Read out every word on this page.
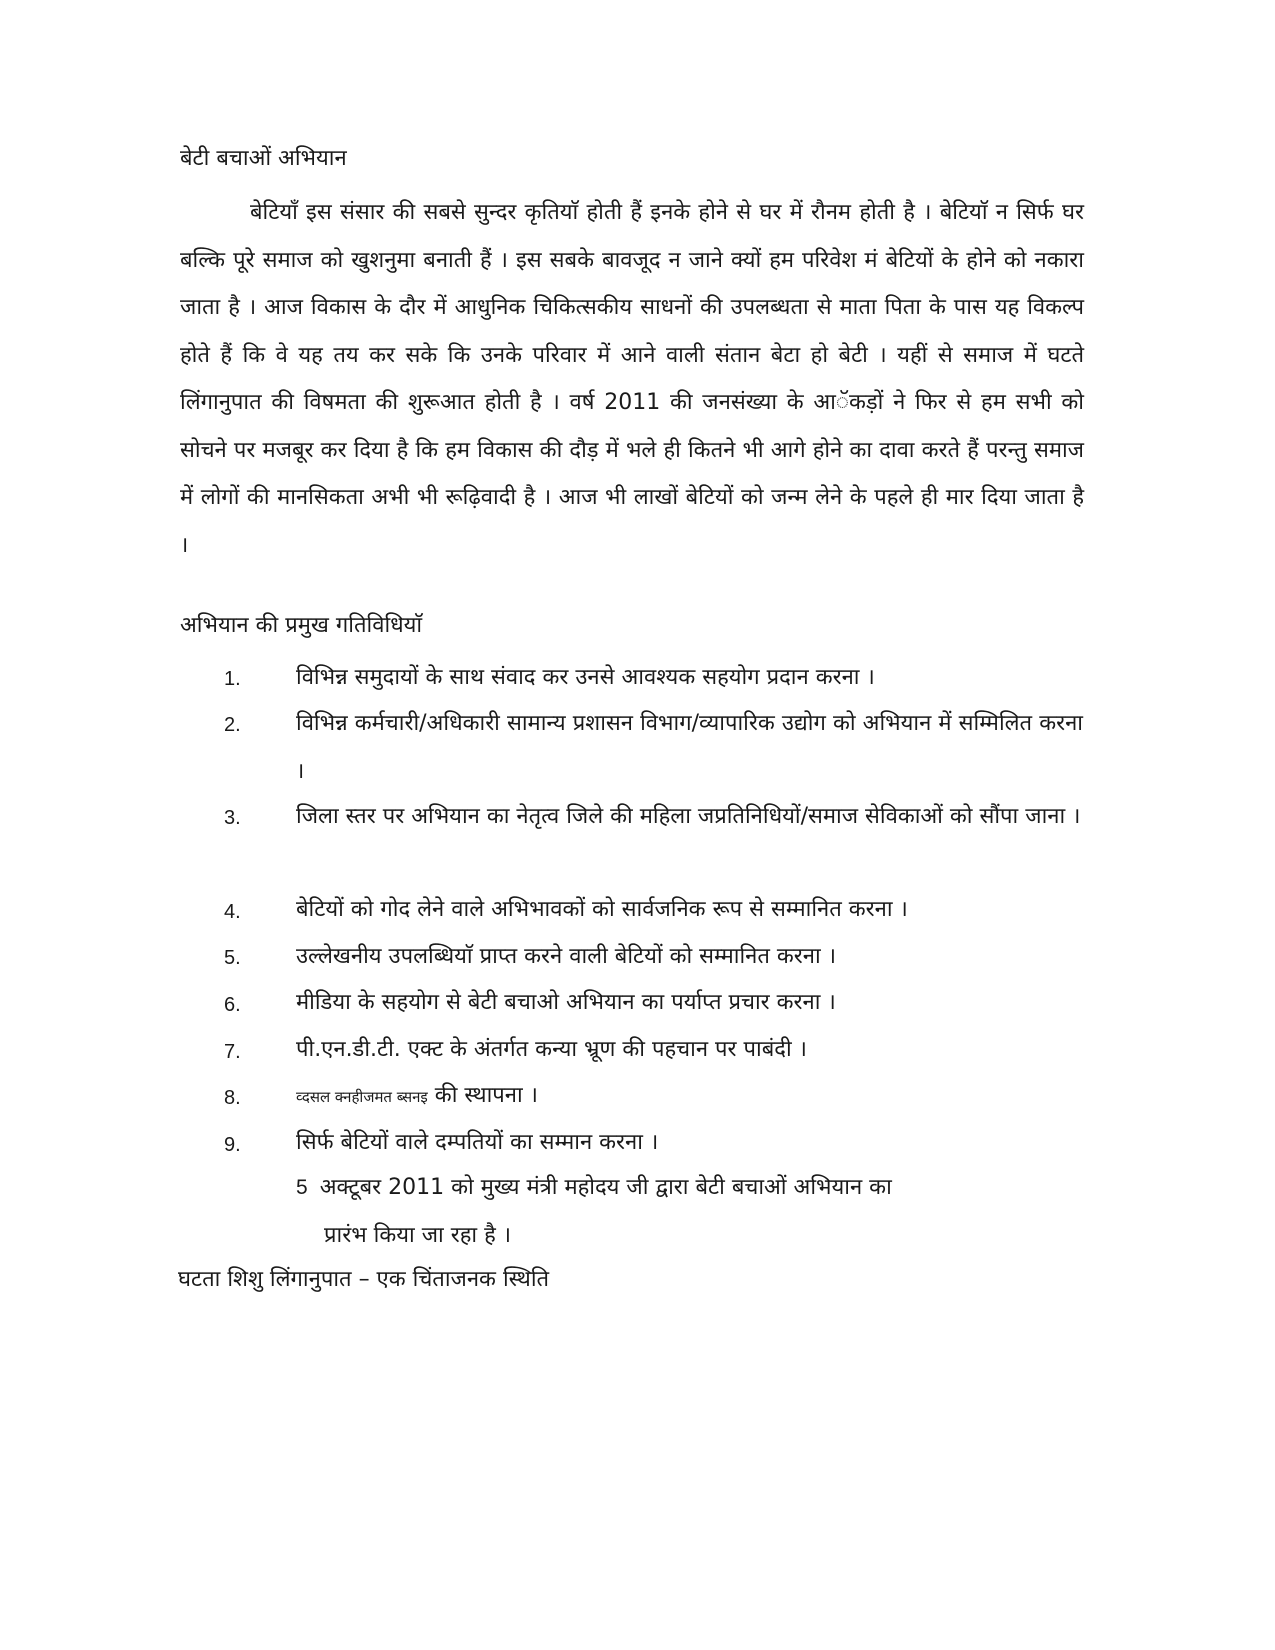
बेटी बचाओं अभियान
बेटियाँ इस संसार की सबसे सुन्दर कृतियाॅ होती हैं इनके होने से घर में रौनम होती है । बेटियाॅ न सिर्फ घर बल्कि पूरे समाज को खुशनुमा बनाती हैं । इस सबके बावजूद न जाने क्यों हम परिवेश मं बेटियों के होने को नकारा जाता है । आज विकास के दौर में आधुनिक चिकित्सकीय साधनों की उपलब्धता से माता पिता के पास यह विकल्प होते हैं कि वे यह तय कर सके कि उनके परिवार में आने वाली संतान बेटा हो बेटी । यहीं से समाज में घटते लिंगानुपात की विषमता की शुरूआत होती है । वर्ष 2011 की जनसंख्या के आॅकड़ों ने फिर से हम सभी को सोचने पर मजबूर कर दिया है कि हम विकास की दौड़ में भले ही कितने भी आगे होने का दावा करते हैं परन्तु समाज में लोगों की मानसिकता अभी भी रूढ़िवादी है । आज भी लाखों बेटियों को जन्म लेने के पहले ही मार दिया जाता है ।
अभियान की प्रमुख गतिविधियाॅ
1.	विभिन्न समुदायों के साथ संवाद कर उनसे आवश्यक सहयोग प्रदान करना ।
2.	विभिन्न कर्मचारी/अधिकारी सामान्य प्रशासन विभाग/व्यापारिक उद्योग को अभियान में सम्मिलित करना ।
3.	जिला स्तर पर अभियान का नेतृत्व जिले की महिला जप्रतिनिधियों/समाज सेविकाओं को सौंपा जाना ।
4.	बेटियों को गोद लेने वाले अभिभावकों को सार्वजनिक रूप से सम्मानित करना ।
5.	उल्लेखनीय उपलब्धियाॅ प्राप्त करने वाली बेटियों को सम्मानित करना ।
6.	मीडिया के सहयोग से बेटी बचाओ अभियान का पर्याप्त प्रचार करना ।
7.	पी.एन.डी.टी. एक्ट के अंतर्गत कन्या भ्रूण की पहचान पर पाबंदी ।
8.	व्दसल क्नहीजमत ब्सनइ की स्थापना ।
9.	सिर्फ बेटियों वाले दम्पतियों का सम्मान करना ।
5 अक्टूबर 2011 को मुख्य मंत्री महोदय जी द्वारा बेटी बचाओं अभियान का
प्रारंभ किया जा रहा है ।
घटता शिशु लिंगानुपात – एक चिंताजनक स्थिति
